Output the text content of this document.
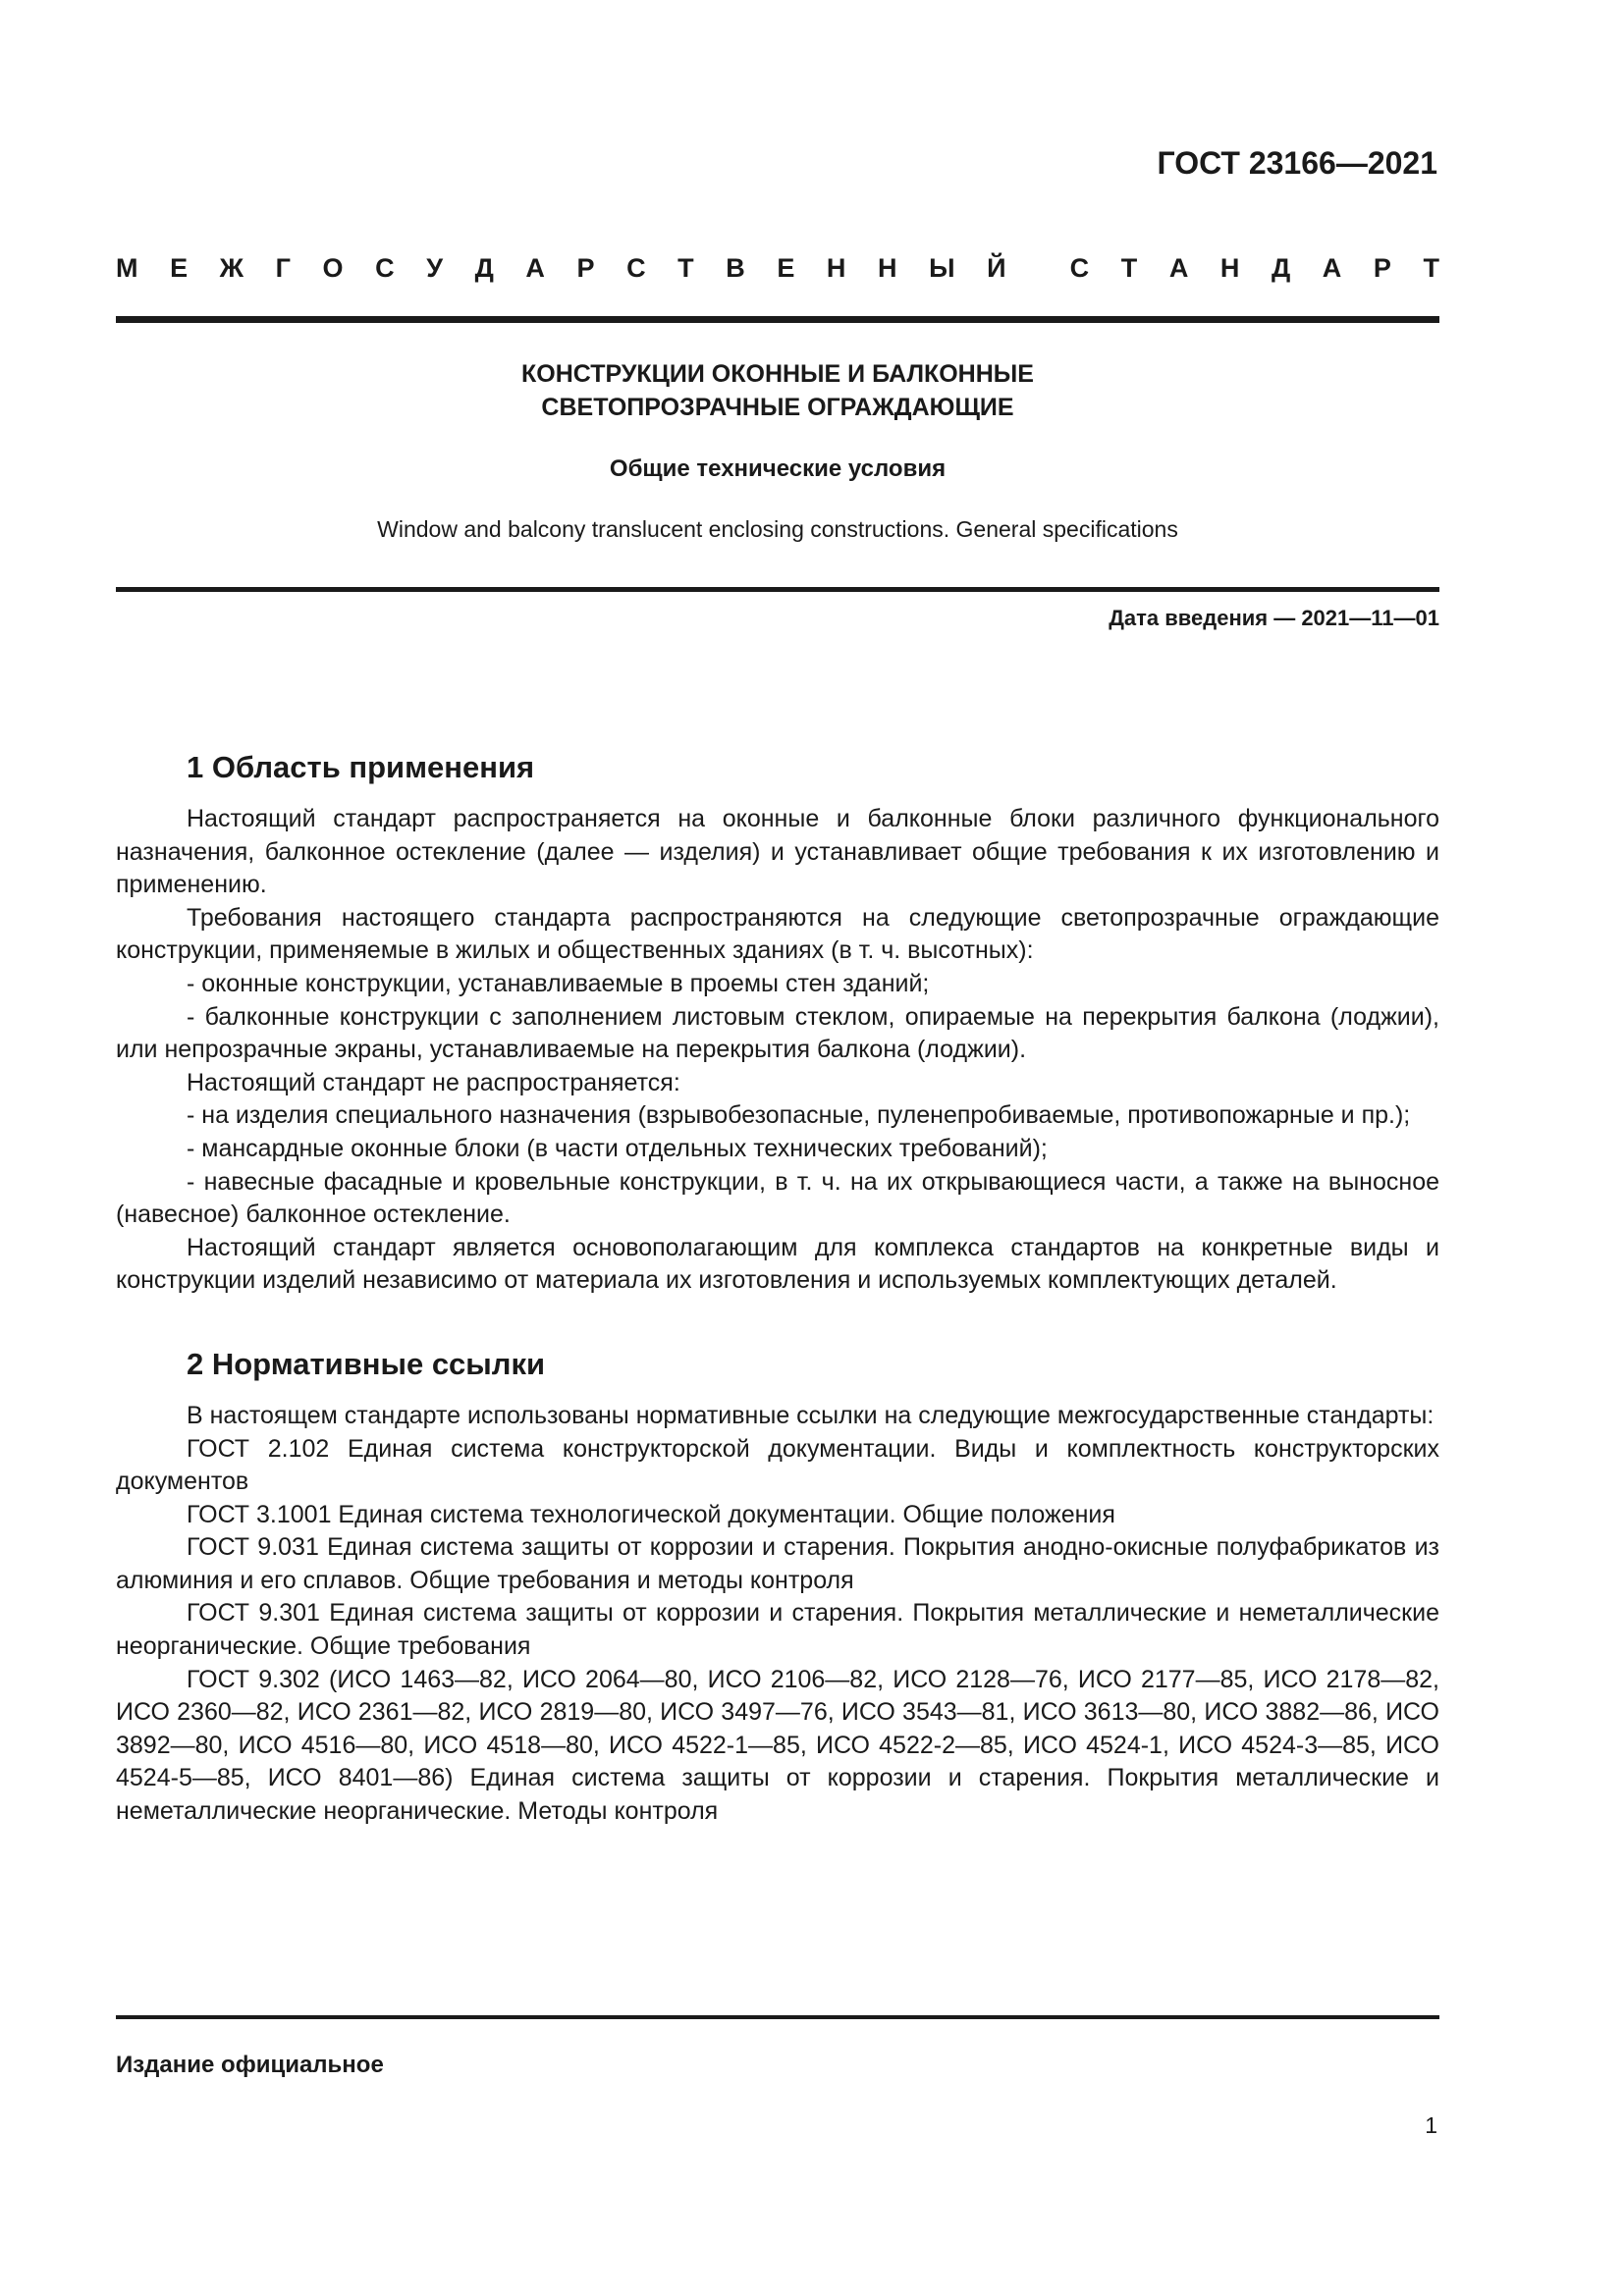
ГОСТ 23166—2021
М Е Ж Г О С У Д А Р С Т В Е Н Н Ы Й С Т А Н Д А Р Т
КОНСТРУКЦИИ ОКОННЫЕ И БАЛКОННЫЕ
СВЕТОПРОЗРАЧНЫЕ ОГРАЖДАЮЩИЕ
Общие технические условия
Window and balcony translucent enclosing constructions. General specifications
Дата введения — 2021—11—01
1 Область применения

Настоящий стандарт распространяется на оконные и балконные блоки различного функционального назначения, балконное остекление (далее — изделия) и устанавливает общие требования к их изготовлению и применению.

Требования настоящего стандарта распространяются на следующие светопрозрачные ограждающие конструкции, применяемые в жилых и общественных зданиях (в т. ч. высотных):

- оконные конструкции, устанавливаемые в проемы стен зданий;

- балконные конструкции с заполнением листовым стеклом, опираемые на перекрытия балкона (лоджии), или непрозрачные экраны, устанавливаемые на перекрытия балкона (лоджии).

Настоящий стандарт не распространяется:

- на изделия специального назначения (взрывобезопасные, пуленепробиваемые, противопожарные и пр.);

- мансардные оконные блоки (в части отдельных технических требований);

- навесные фасадные и кровельные конструкции, в т. ч. на их открывающиеся части, а также на выносное (навесное) балконное остекление.

Настоящий стандарт является основополагающим для комплекса стандартов на конкретные виды и конструкции изделий независимо от материала их изготовления и используемых комплектующих деталей.

2 Нормативные ссылки

В настоящем стандарте использованы нормативные ссылки на следующие межгосударственные стандарты:

ГОСТ 2.102 Единая система конструкторской документации. Виды и комплектность конструкторских документов

ГОСТ 3.1001 Единая система технологической документации. Общие положения

ГОСТ 9.031 Единая система защиты от коррозии и старения. Покрытия анодно-окисные полуфабрикатов из алюминия и его сплавов. Общие требования и методы контроля

ГОСТ 9.301 Единая система защиты от коррозии и старения. Покрытия металлические и неметаллические неорганические. Общие требования

ГОСТ 9.302 (ИСО 1463—82, ИСО 2064—80, ИСО 2106—82, ИСО 2128—76, ИСО 2177—85, ИСО 2178—82, ИСО 2360—82, ИСО 2361—82, ИСО 2819—80, ИСО 3497—76, ИСО 3543—81, ИСО 3613—80, ИСО 3882—86, ИСО 3892—80, ИСО 4516—80, ИСО 4518—80, ИСО 4522-1—85, ИСО 4522-2—85, ИСО 4524-1, ИСО 4524-3—85, ИСО 4524-5—85, ИСО 8401—86) Единая система защиты от коррозии и старения. Покрытия металлические и неметаллические неорганические. Методы контроля

Издание официальное
1
